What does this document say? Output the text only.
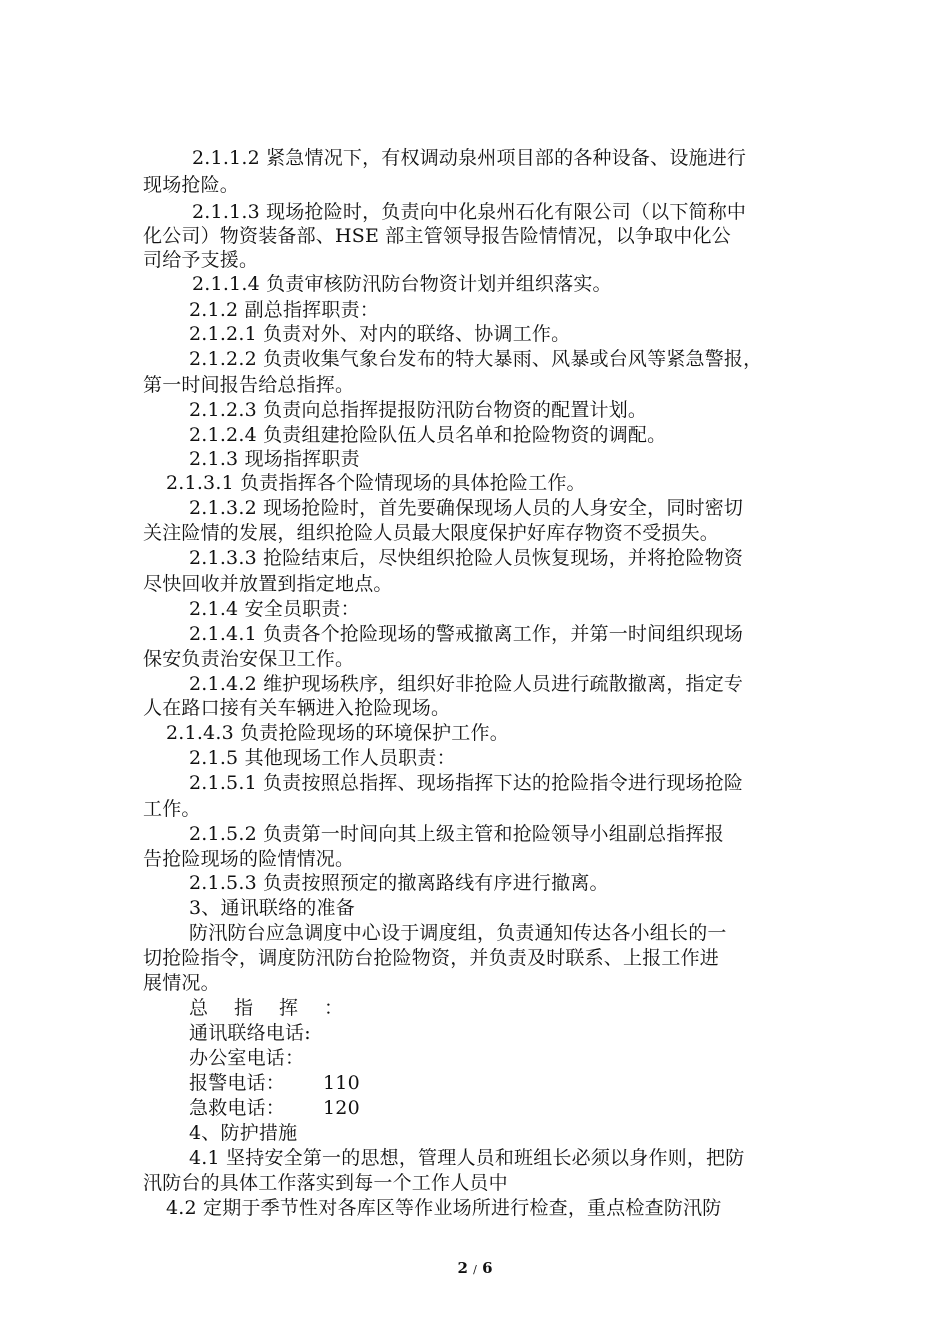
2.1.1.2 紧急情况下，有权调动泉州项目部的各种设备、设施进行
现场抢险。
2.1.1.3 现场抢险时，负责向中化泉州石化有限公司（以下简称中
化公司）物资装备部、HSE 部主管领导报告险情情况，以争取中化公
司给予支援。
2.1.1.4 负责审核防汛防台物资计划并组织落实。
2.1.2 副总指挥职责：
2.1.2.1 负责对外、对内的联络、协调工作。
2.1.2.2 负责收集气象台发布的特大暴雨、风暴或台风等紧急警报，
第一时间报告给总指挥。
2.1.2.3 负责向总指挥提报防汛防台物资的配置计划。
2.1.2.4 负责组建抢险队伍人员名单和抢险物资的调配。
2.1.3 现场指挥职责
2.1.3.1 负责指挥各个险情现场的具体抢险工作。
2.1.3.2 现场抢险时，首先要确保现场人员的人身安全，同时密切
关注险情的发展，组织抢险人员最大限度保护好库存物资不受损失。
2.1.3.3 抢险结束后，尽快组织抢险人员恢复现场，并将抢险物资
尽快回收并放置到指定地点。
2.1.4 安全员职责：
2.1.4.1 负责各个抢险现场的警戒撤离工作，并第一时间组织现场
保安负责治安保卫工作。
2.1.4.2 维护现场秩序，组织好非抢险人员进行疏散撤离，指定专
人在路口接有关车辆进入抢险现场。
2.1.4.3 负责抢险现场的环境保护工作。
2.1.5 其他现场工作人员职责：
2.1.5.1 负责按照总指挥、现场指挥下达的抢险指令进行现场抢险
工作。
2.1.5.2 负责第一时间向其上级主管和抢险领导小组副总指挥报
告抢险现场的险情情况。
2.1.5.3 负责按照预定的撤离路线有序进行撤离。
3、通讯联络的准备
防汛防台应急调度中心设于调度组，负责通知传达各小组长的一
切抢险指令，调度防汛防台抢险物资，并负责及时联系、上报工作进
展情况。
总指挥：
通讯联络电话:
办公室电话：
报警电话： 110
急救电话： 120
4、防护措施
4.1 坚持安全第一的思想，管理人员和班组长必须以身作则，把防
汛防台的具体工作落实到每一个工作人员中
4.2 定期于季节性对各库区等作业场所进行检查，重点检查防汛防
2 / 6
